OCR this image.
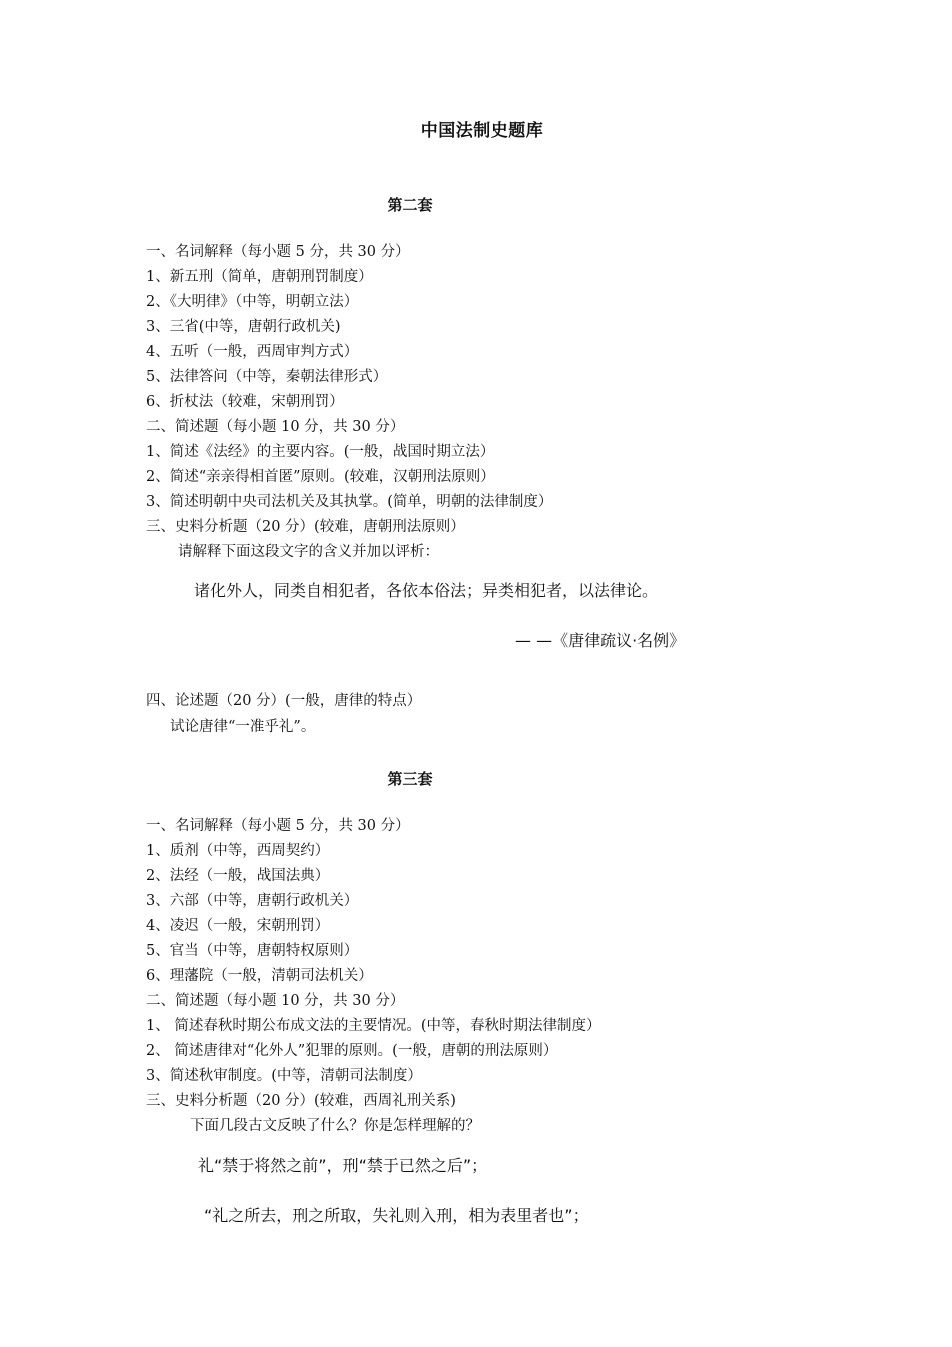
中国法制史题库
第二套
一、名词解释（每小题 5 分，共 30 分）
1、新五刑（简单，唐朝刑罚制度）
2、《大明律》（中等，明朝立法）
3、三省(中等，唐朝行政机关)
4、五听（一般，西周审判方式）
5、法律答问（中等，秦朝法律形式）
6、折杖法（较难，宋朝刑罚）
二、简述题（每小题 10 分，共 30 分）
1、简述《法经》的主要内容。(一般，战国时期立法）
2、简述“亲亲得相首匿”原则。(较难，汉朝刑法原则）
3、简述明朝中央司法机关及其执掌。(简单，明朝的法律制度）
三、史料分析题（20 分）(较难，唐朝刑法原则）
请解释下面这段文字的含义并加以评析：
诸化外人，同类自相犯者，各依本俗法；异类相犯者，以法律论。
— —《唐律疏议·名例》
四、论述题（20 分）(一般，唐律的特点）
试论唐律“一准乎礼”。
第三套
一、名词解释（每小题 5 分，共 30 分）
1、质剂（中等，西周契约）
2、法经（一般，战国法典）
3、六部（中等，唐朝行政机关）
4、凌迟（一般，宋朝刑罚）
5、官当（中等，唐朝特权原则）
6、理藩院（一般，清朝司法机关）
二、简述题（每小题 10 分，共 30 分）
1、 简述春秋时期公布成文法的主要情况。(中等，春秋时期法律制度）
2、 简述唐律对“化外人”犯罪的原则。(一般，唐朝的刑法原则）
3、简述秋审制度。(中等，清朝司法制度）
三、史料分析题（20 分）(较难，西周礼刑关系)
下面几段古文反映了什么？你是怎样理解的？
礼“禁于将然之前”，刑“禁于已然之后”；
“礼之所去，刑之所取，失礼则入刑，相为表里者也”；
